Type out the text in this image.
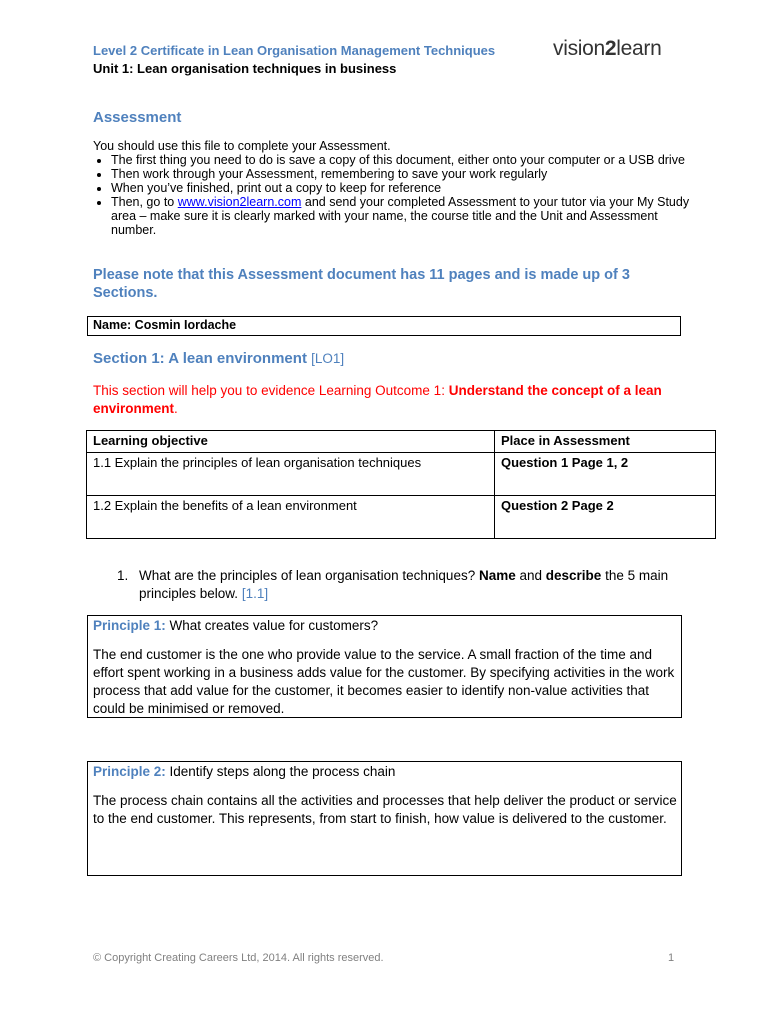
Level 2 Certificate in Lean Organisation Management Techniques
Unit 1: Lean organisation techniques in business
vision2learn
Assessment

You should use this file to complete your Assessment.

• The first thing you need to do is save a copy of this document, either onto your computer or a USB drive
• Then work through your Assessment, remembering to save your work regularly
• When you’ve finished, print out a copy to keep for reference
• Then, go to www.vision2learn.com and send your completed Assessment to your tutor via your My Study area – make sure it is clearly marked with your name, the course title and the Unit and Assessment number.
Please note that this Assessment document has 11 pages and is made up of 3 Sections.
Name: Cosmin Iordache
Section 1: A lean environment [LO1]
This section will help you to evidence Learning Outcome 1: Understand the concept of a lean environment.
Learning objective	Place in Assessment
1.1 Explain the principles of lean organisation techniques	Question 1 Page 1, 2
1.2 Explain the benefits of a lean environment	Question 2 Page 2
1. What are the principles of lean organisation techniques? Name and describe the 5 main principles below. [1.1]
Principle 1: What creates value for customers?
The end customer is the one who provide value to the service. A small fraction of the time and effort spent working in a business adds value for the customer. By specifying activities in the work process that add value for the customer, it becomes easier to identify non-value activities that could be minimised or removed.
Principle 2: Identify steps along the process chain
The process chain contains all the activities and processes that help deliver the product or service to the end customer. This represents, from start to finish, how value is delivered to the customer.
© Copyright Creating Careers Ltd, 2014. All rights reserved.	1
